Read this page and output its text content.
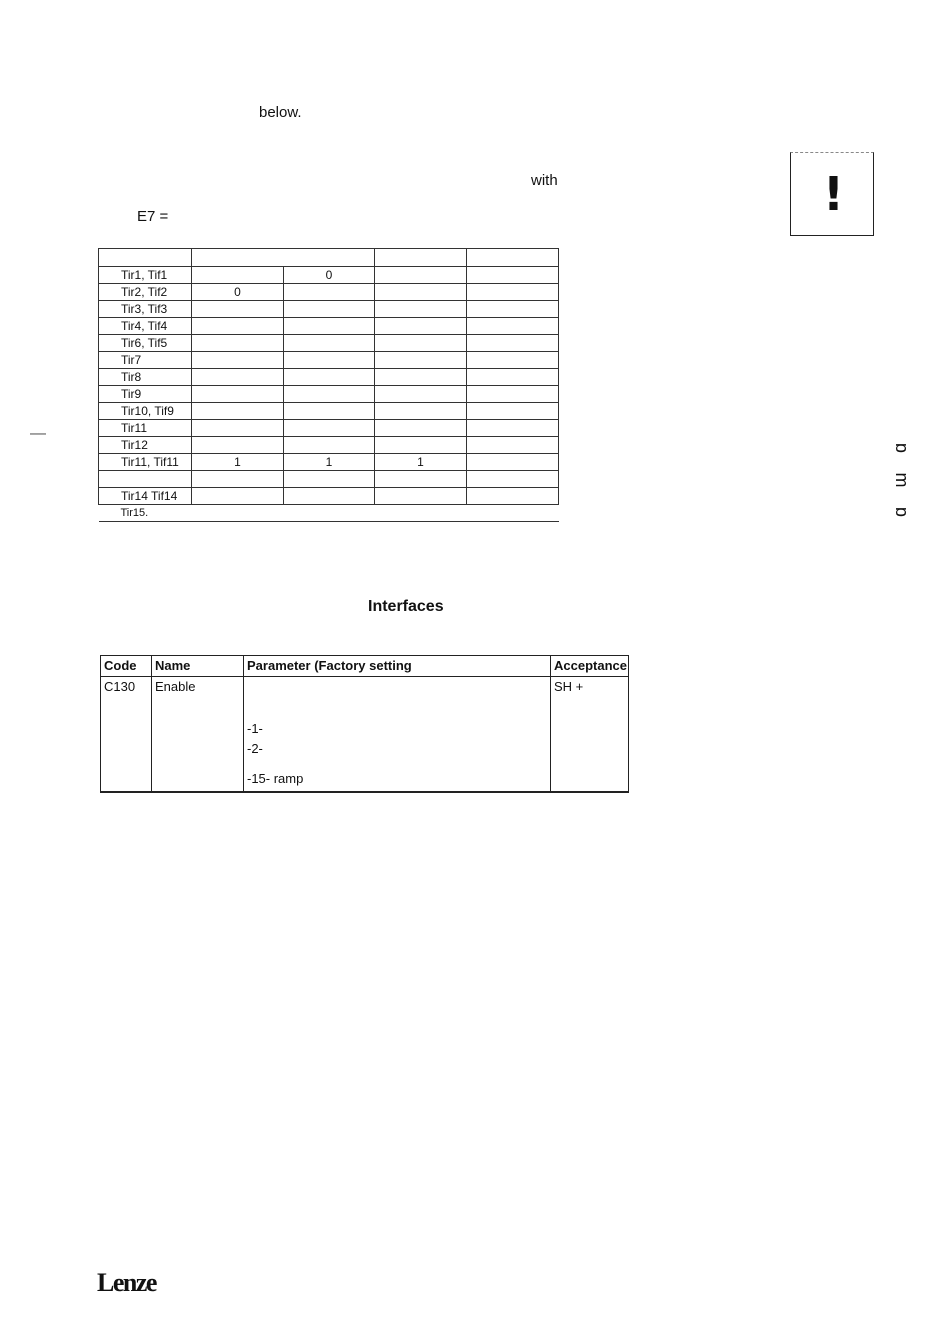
below.
with
E7 =	!
—

Tir1, Tif1		0		
Tir2, Tif2	0			
Tir3, Tif3				
Tir4, Tif4				
Tir6, Tif5				
Tir7				
Tir8				
Tir9				
Tir10, Tif9				
Tir11				
Tir12				
Tir11, Tif11	1	1	1	

Tir14 Tif14				
Tir15.				
Interfaces
Code	Name	Parameter (Factory setting	Acceptance
C130	Enable	-1-
-2-
-15- ramp	SH +
ɒ
m
ɒ
Lenze
